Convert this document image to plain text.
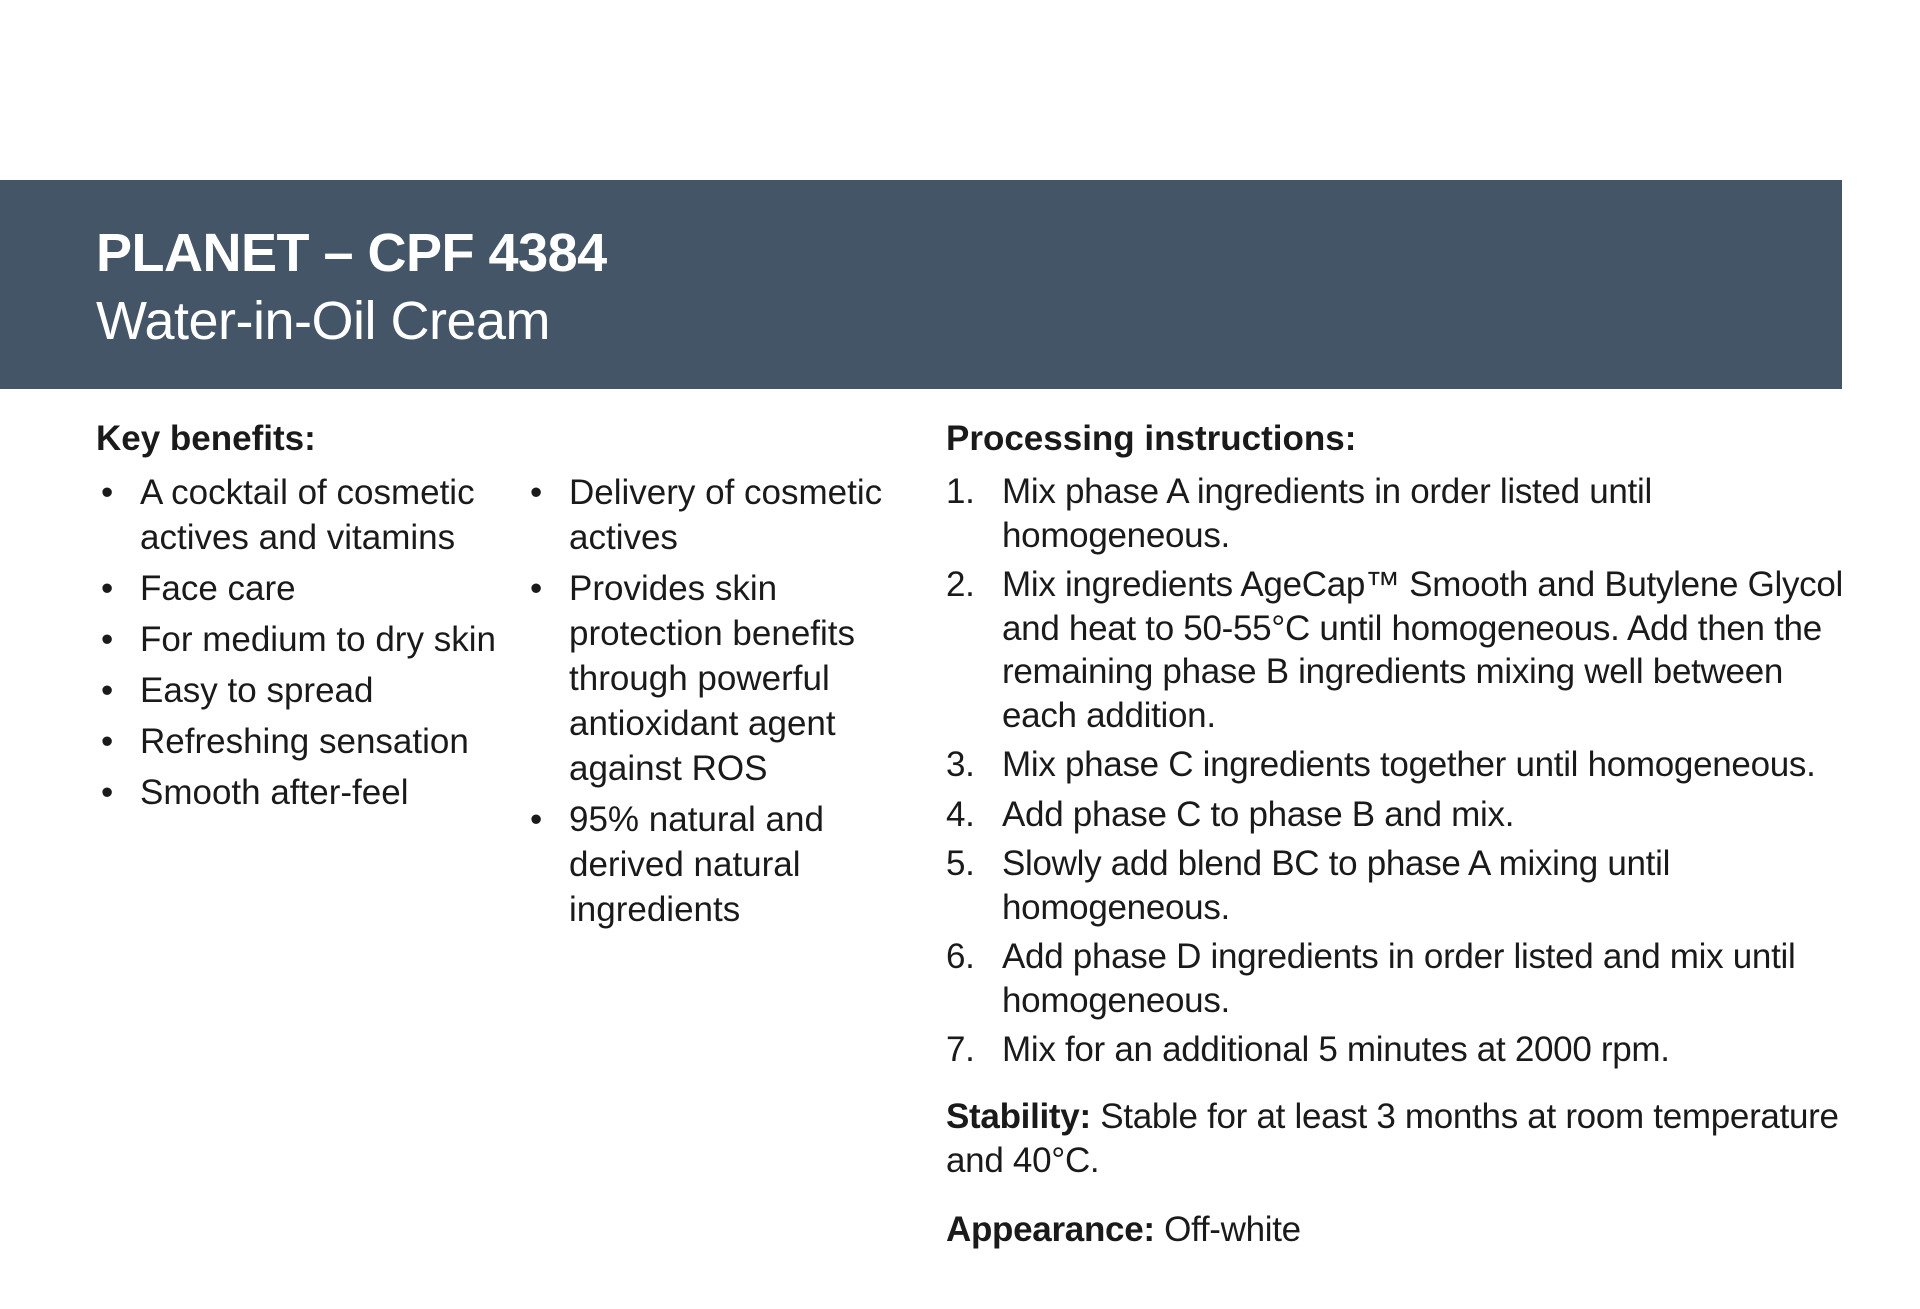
PLANET – CPF 4384
Water-in-Oil Cream
Key benefits:
• A cocktail of cosmetic actives and vitamins
• Face care
• For medium to dry skin
• Easy to spread
• Refreshing sensation
• Smooth after-feel
• Delivery of cosmetic actives
• Provides skin protection benefits through powerful antioxidant agent against ROS
• 95% natural and derived natural ingredients
Processing instructions:
1. Mix phase A ingredients in order listed until homogeneous.
2. Mix ingredients AgeCap™ Smooth and Butylene Glycol and heat to 50-55°C until homogeneous. Add then the remaining phase B ingredients mixing well between each addition.
3. Mix phase C ingredients together until homogeneous.
4. Add phase C to phase B and mix.
5. Slowly add blend BC to phase A mixing until homogeneous.
6. Add phase D ingredients in order listed and mix until homogeneous.
7. Mix for an additional 5 minutes at 2000 rpm.

Stability: Stable for at least 3 months at room temperature and 40°C.

Appearance: Off-white
